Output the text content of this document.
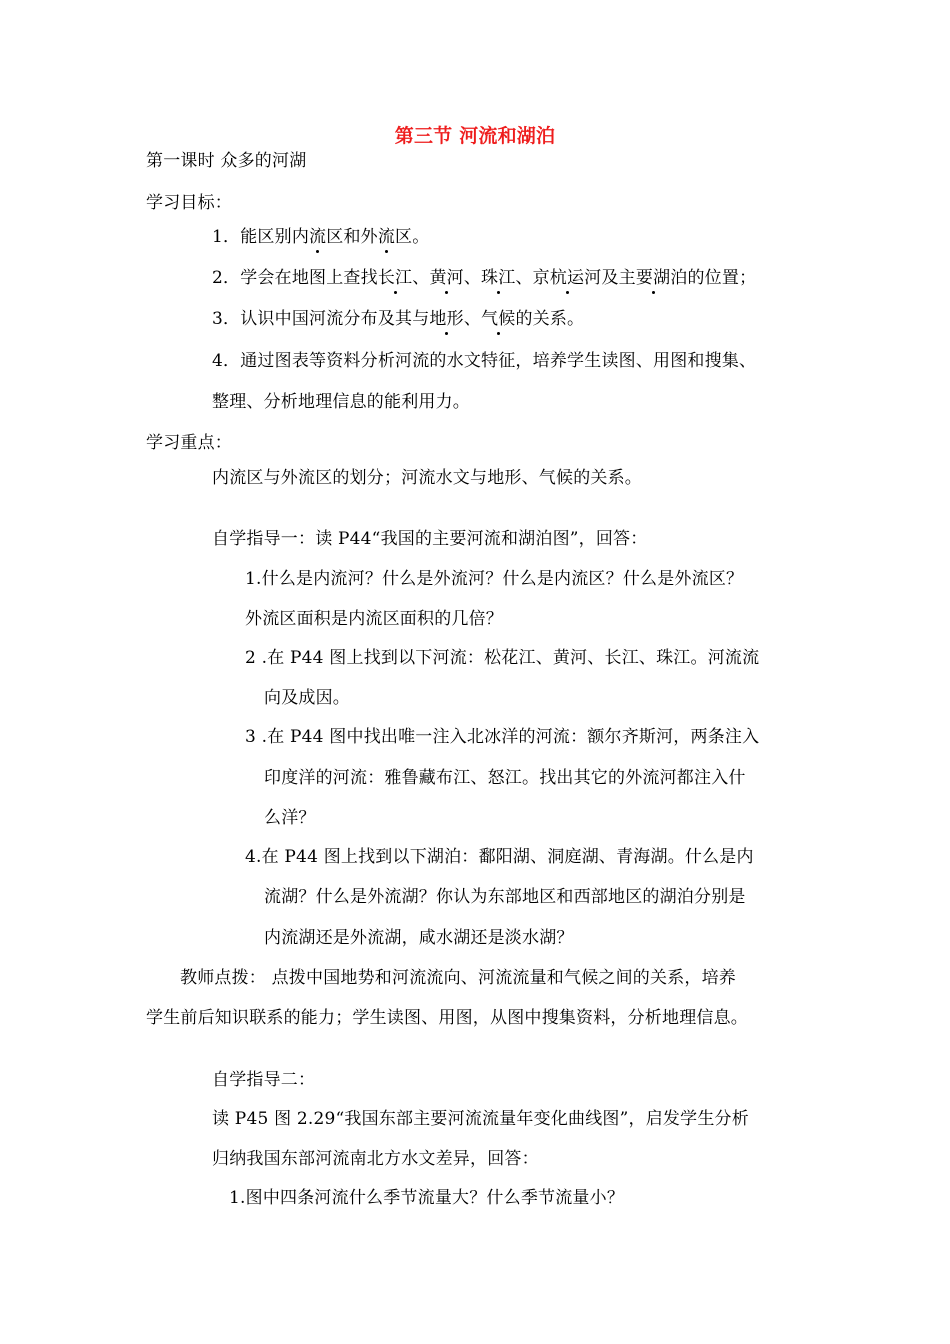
第三节 河流和湖泊
第一课时 众多的河湖
学习目标：
1．能区别内流区和外流区。
2．学会在地图上查找长江、黄河、珠江、京杭运河及主要湖泊的位置；
3．认识中国河流分布及其与地形、气候的关系。
4．通过图表等资料分析河流的水文特征，培养学生读图、用图和搜集、
整理、分析地理信息的能利用力。
学习重点：
内流区与外流区的划分；河流水文与地形、气候的关系。
自学指导一：读 P44“我国的主要河流和湖泊图”，回答：
1.什么是内流河？什么是外流河？什么是内流区？什么是外流区？
外流区面积是内流区面积的几倍？
2 .在 P44 图上找到以下河流：松花江、黄河、长江、珠江。河流流
向及成因。
3 .在 P44 图中找出唯一注入北冰洋的河流：额尔齐斯河，两条注入
印度洋的河流：雅鲁藏布江、怒江。找出其它的外流河都注入什
么洋？
4.在 P44 图上找到以下湖泊：鄱阳湖、洞庭湖、青海湖。什么是内
流湖？什么是外流湖？你认为东部地区和西部地区的湖泊分别是
内流湖还是外流湖，咸水湖还是淡水湖？
教师点拨： 点拨中国地势和河流流向、河流流量和气候之间的关系，培养
学生前后知识联系的能力；学生读图、用图，从图中搜集资料，分析地理信息。
自学指导二：
读 P45 图 2.29“我国东部主要河流流量年变化曲线图”，启发学生分析
归纳我国东部河流南北方水文差异，回答：
1.图中四条河流什么季节流量大？什么季节流量小？
